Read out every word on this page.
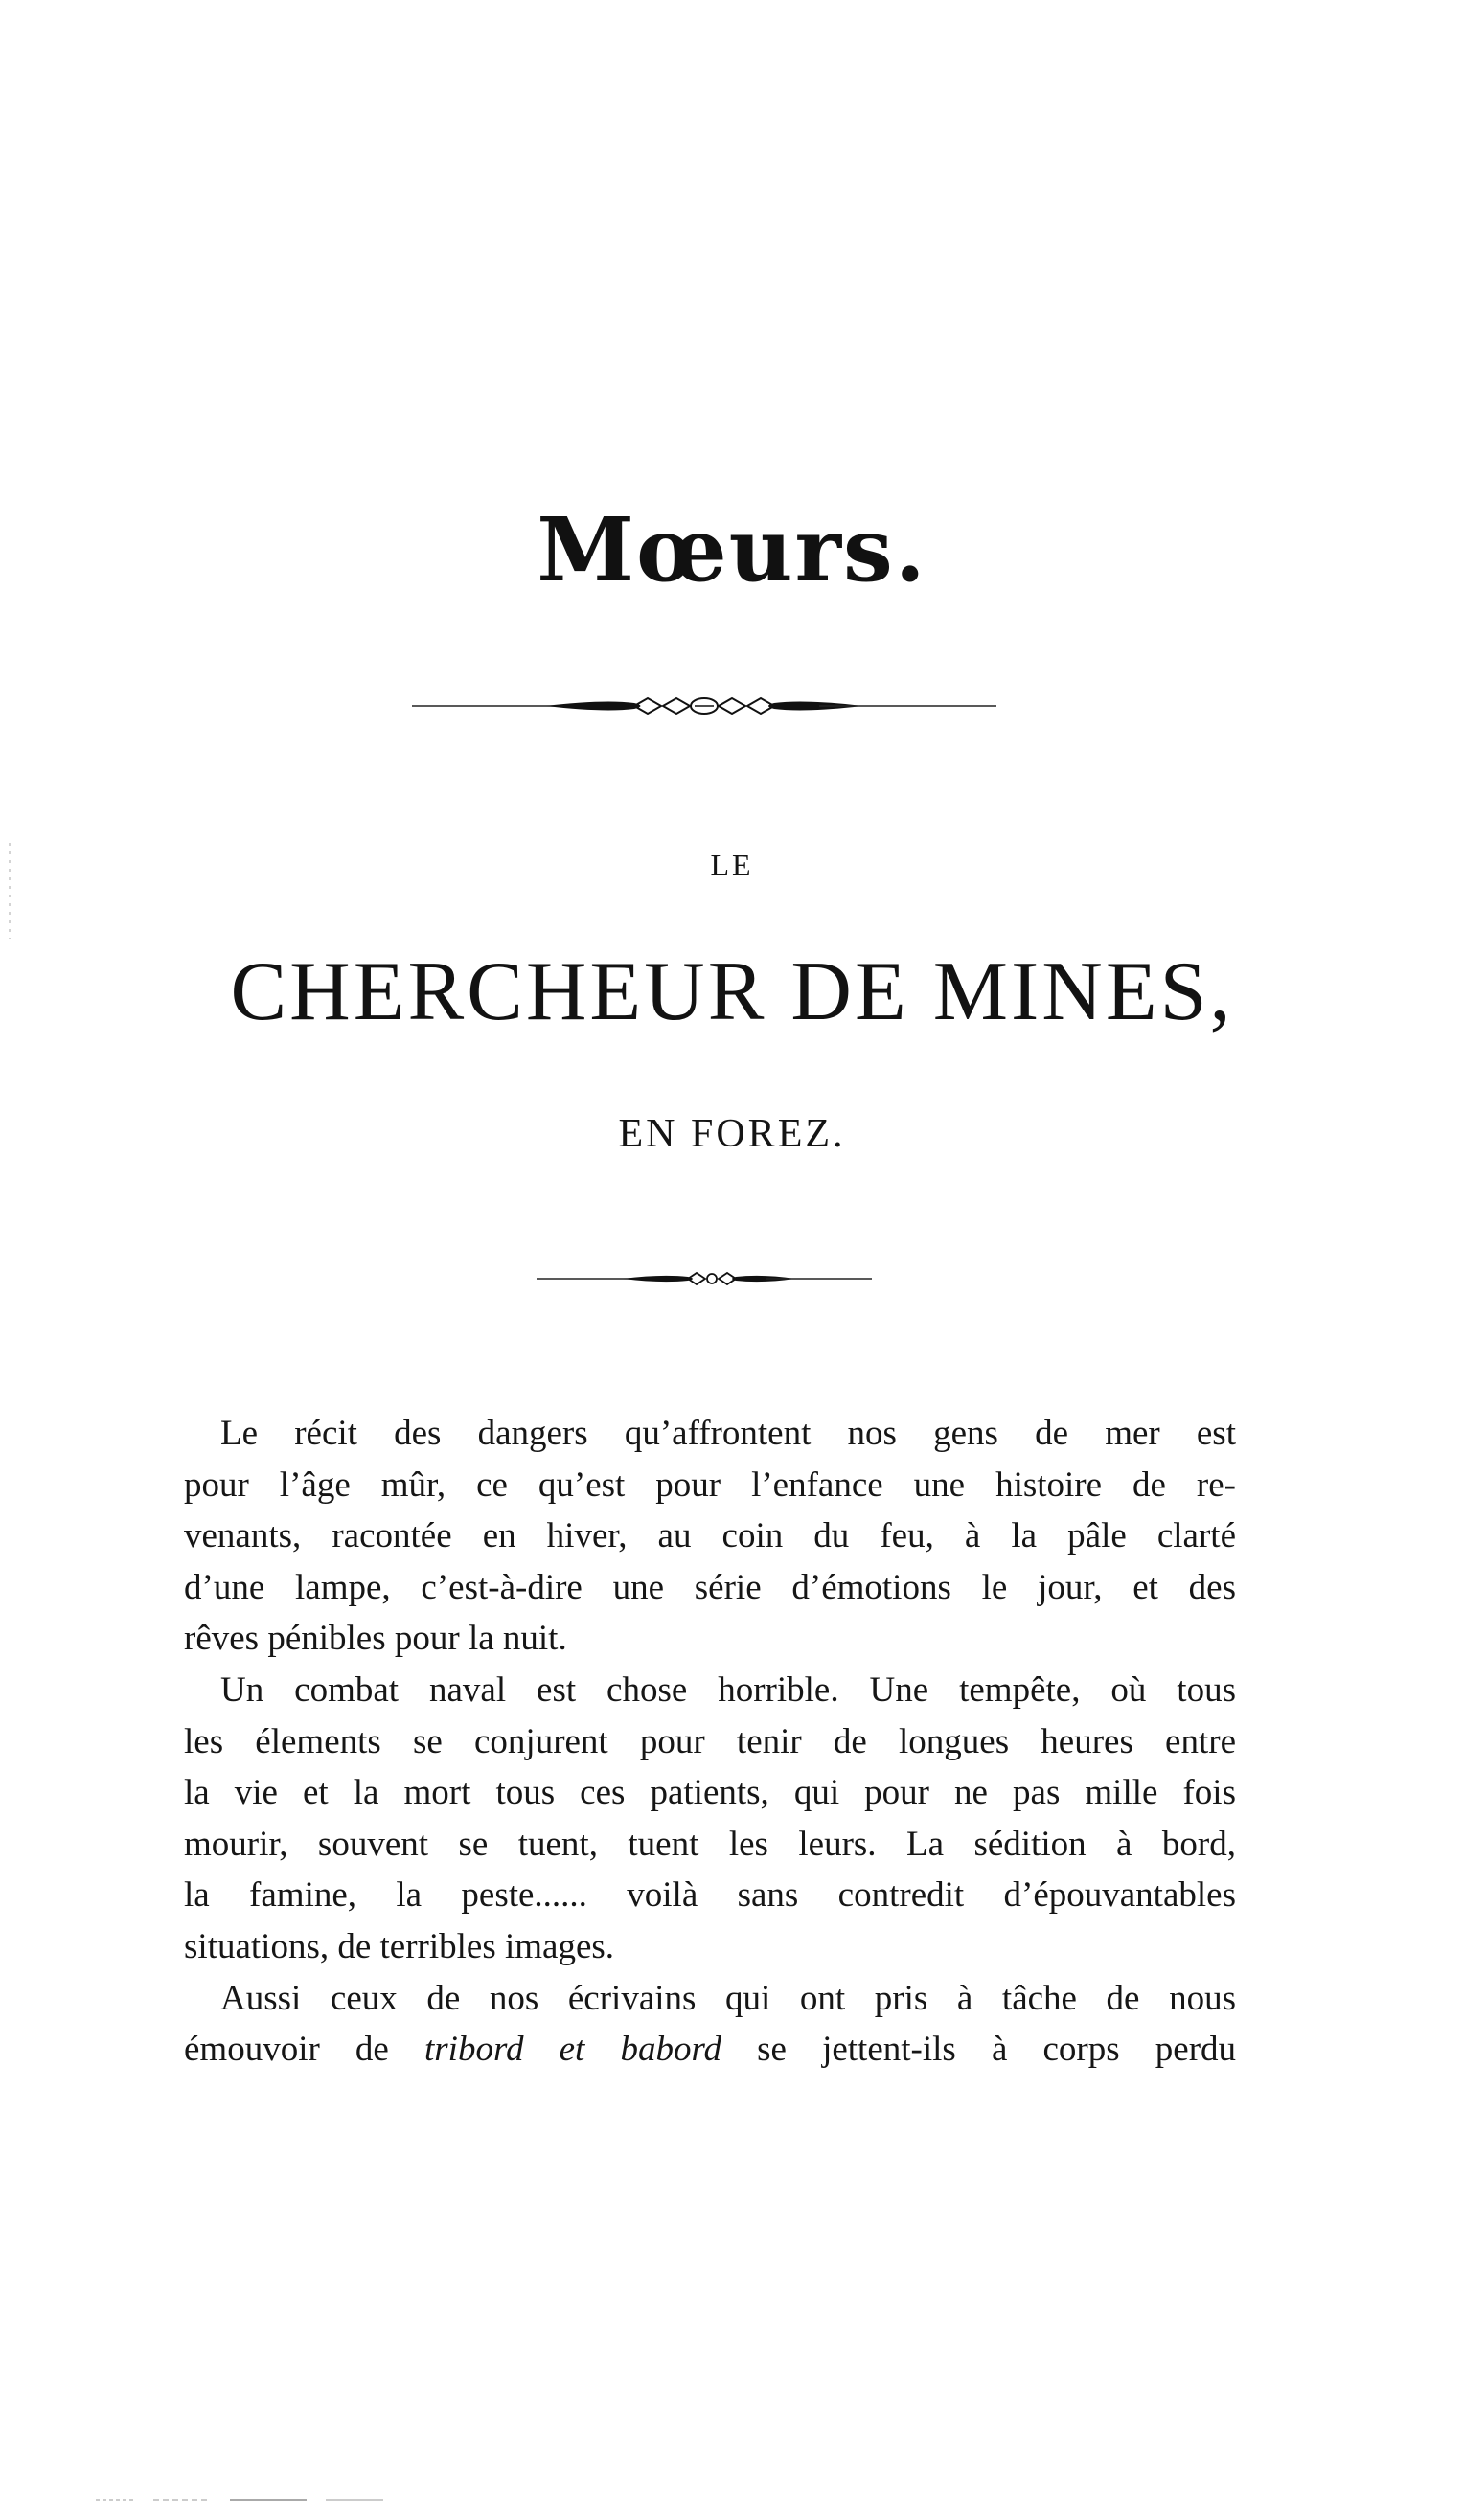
Mœurs.
LE
CHERCHEUR DE MINES,
EN FOREZ.

Le récit des dangers qu’affrontent nos gens de mer est
pour l’âge mûr, ce qu’est pour l’enfance une histoire de re-
venants, racontée en hiver, au coin du feu, à la pâle clarté
d’une lampe, c’est-à-dire une série d’émotions le jour, et des
rêves pénibles pour la nuit.

Un combat naval est chose horrible. Une tempête, où tous
les élements se conjurent pour tenir de longues heures entre
la vie et la mort tous ces patients, qui pour ne pas mille fois
mourir, souvent se tuent, tuent les leurs. La sédition à bord,
la famine, la peste...... voilà sans contredit d’épouvantables
situations, de terribles images.

Aussi ceux de nos écrivains qui ont pris à tâche de nous
émouvoir de tribord et babord se jettent-ils à corps perdu
